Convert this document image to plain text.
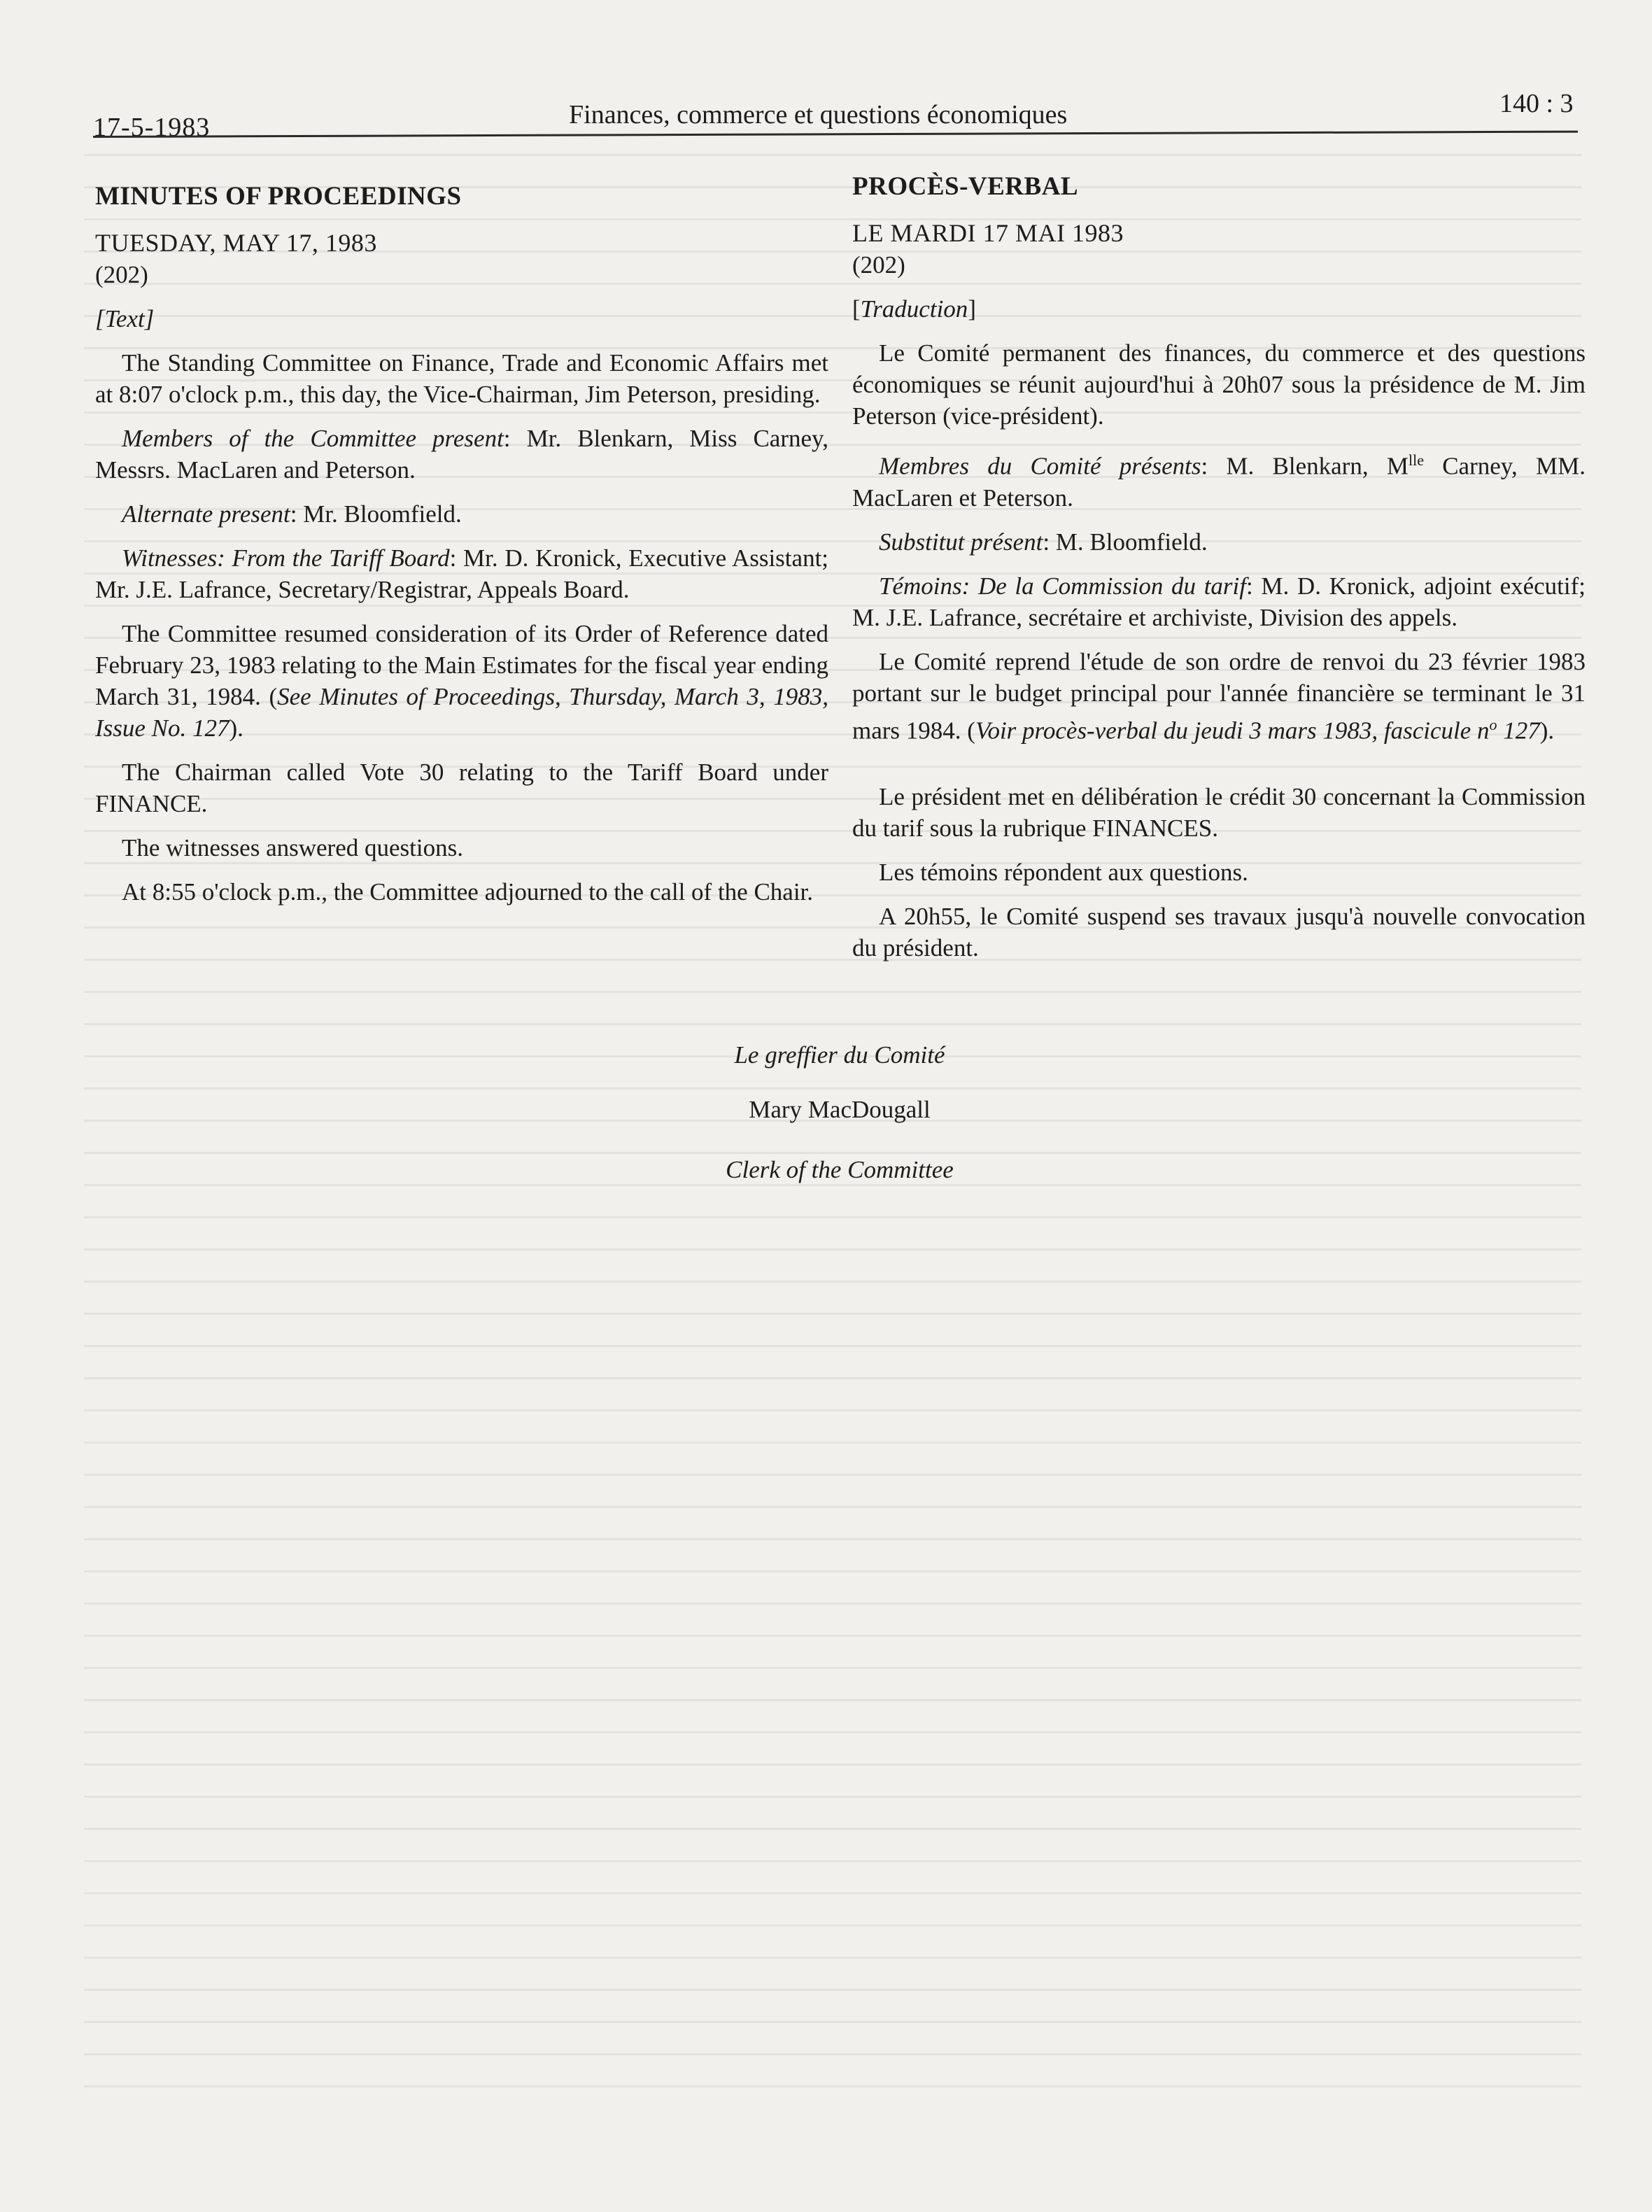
17-5-1983	Finances, commerce et questions économiques	140 : 3
MINUTES OF PROCEEDINGS
TUESDAY, MAY 17, 1983
(202)
[Text]

The Standing Committee on Finance, Trade and Economic Affairs met at 8:07 o'clock p.m., this day, the Vice-Chairman, Jim Peterson, presiding.

Members of the Committee present: Mr. Blenkarn, Miss Carney, Messrs. MacLaren and Peterson.

Alternate present: Mr. Bloomfield.

Witnesses: From the Tariff Board: Mr. D. Kronick, Executive Assistant; Mr. J.E. Lafrance, Secretary/Registrar, Appeals Board.

The Committee resumed consideration of its Order of Reference dated February 23, 1983 relating to the Main Estimates for the fiscal year ending March 31, 1984. (See Minutes of Proceedings, Thursday, March 3, 1983, Issue No. 127).

The Chairman called Vote 30 relating to the Tariff Board under FINANCE.

The witnesses answered questions.

At 8:55 o'clock p.m., the Committee adjourned to the call of the Chair.

PROCÈS-VERBAL
LE MARDI 17 MAI 1983
(202)
[Traduction]

Le Comité permanent des finances, du commerce et des questions économiques se réunit aujourd'hui à 20h07 sous la présidence de M. Jim Peterson (vice-président).

Membres du Comité présents: M. Blenkarn, $M^{lle}$ Carney, MM. MacLaren et Peterson.

Substitut présent: M. Bloomfield.

Témoins: De la Commission du tarif: M. D. Kronick, adjoint exécutif; M. J.E. Lafrance, secrétaire et archiviste, Division des appels.

Le Comité reprend l'étude de son ordre de renvoi du 23 février 1983 portant sur le budget principal pour l'année financière se terminant le 31 mars 1984. (Voir procès-verbal du jeudi 3 mars 1983, fascicule $n^o$ 127).

Le président met en délibération le crédit 30 concernant la Commission du tarif sous la rubrique FINANCES.

Les témoins répondent aux questions.

A 20h55, le Comité suspend ses travaux jusqu'à nouvelle convocation du président.

Le greffier du Comité
Mary MacDougall
Clerk of the Committee
